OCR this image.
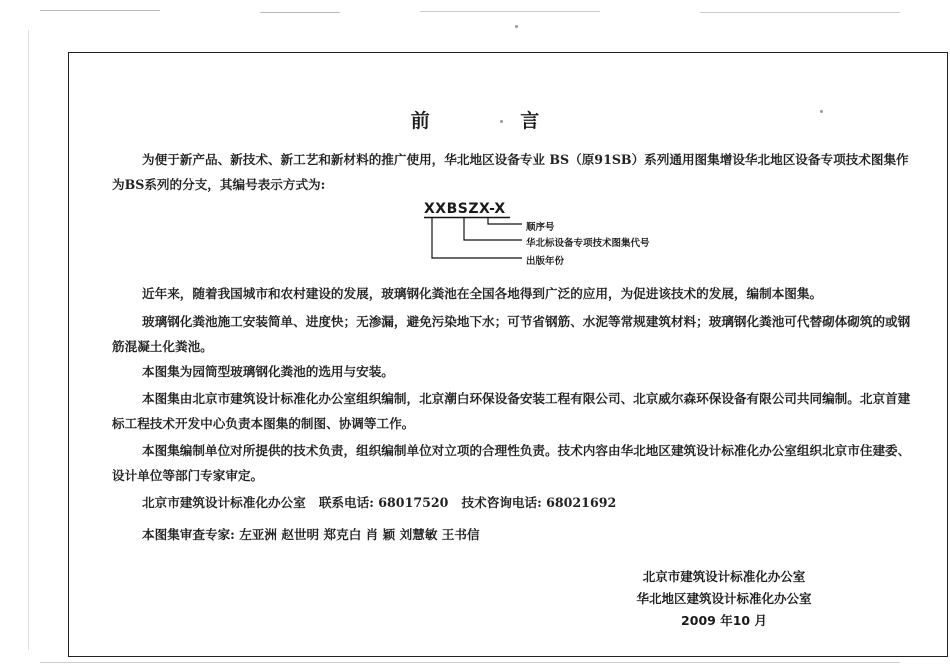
前 言

为便于新产品、新技术、新工艺和新材料的推广使用，华北地区设备专业 BS（原91SB）系列通用图集增设华北地区设备专项技术图集作为BS系列的分支，其编号表示方式为:

XXBSZX-X
顺序号
华北标设备专项技术图集代号
出版年份

近年来，随着我国城市和农村建设的发展，玻璃钢化粪池在全国各地得到广泛的应用，为促进该技术的发展，编制本图集。

玻璃钢化粪池施工安装简单、进度快；无渗漏，避免污染地下水；可节省钢筋、水泥等常规建筑材料；玻璃钢化粪池可代替砌体砌筑的或钢筋混凝土化粪池。

本图集为园筒型玻璃钢化粪池的选用与安装。

本图集由北京市建筑设计标准化办公室组织编制，北京潮白环保设备安装工程有限公司、北京威尔森环保设备有限公司共同编制。北京首建标工程技术开发中心负责本图集的制图、协调等工作。

本图集编制单位对所提供的技术负责，组织编制单位对立项的合理性负责。技术内容由华北地区建筑设计标准化办公室组织北京市住建委、设计单位等部门专家审定。

北京市建筑设计标准化办公室   联系电话: 68017520   技术咨询电话: 68021692

本图集审查专家: 左亚洲 赵世明 郑克白 肖 颖 刘慧敏 王书信

北京市建筑设计标准化办公室
华北地区建筑设计标准化办公室
2009 年10 月
